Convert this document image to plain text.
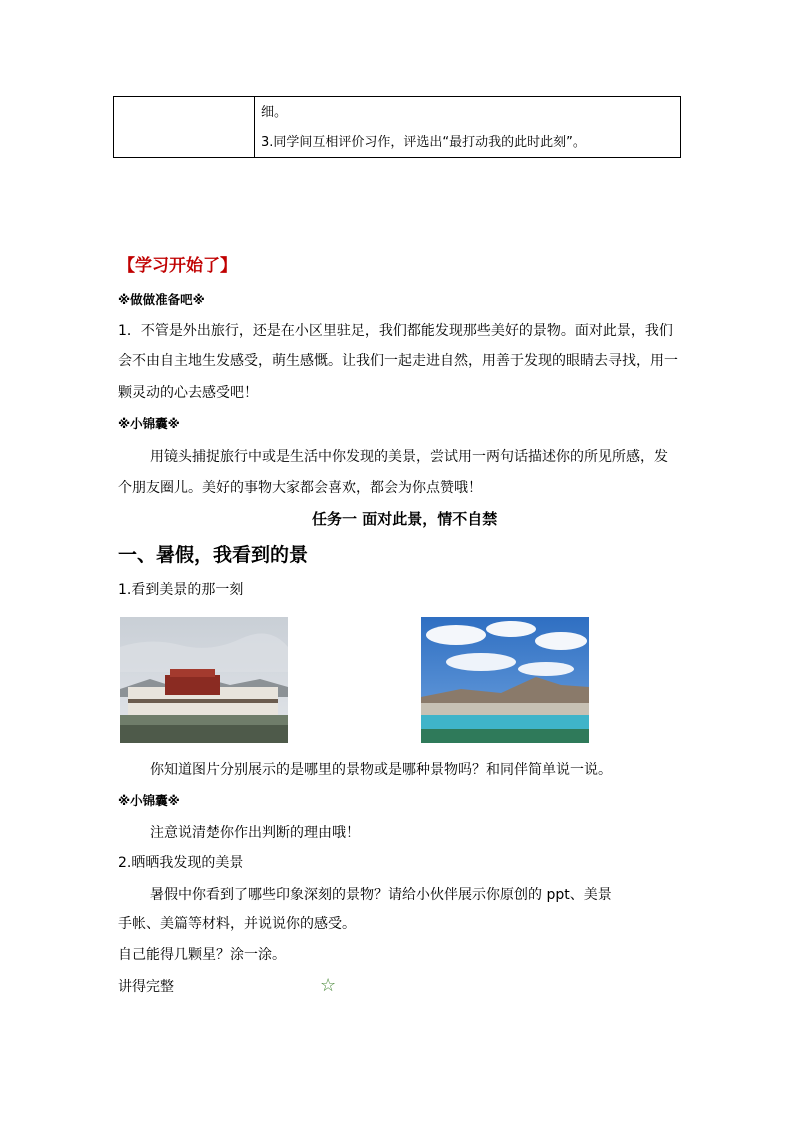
细。
3.同学间互相评价习作，评选出“最打动我的此时此刻”。
【学习开始了】
※做做准备吧※
1．不管是外出旅行，还是在小区里驻足，我们都能发现那些美好的景物。面对此景，我们
会不由自主地生发感受，萌生感慨。让我们一起走进自然，用善于发现的眼睛去寻找，用一
颗灵动的心去感受吧！
※小锦囊※
用镜头捕捉旅行中或是生活中你发现的美景，尝试用一两句话描述你的所见所感，发
个朋友圈儿。美好的事物大家都会喜欢，都会为你点赞哦！
任务一 面对此景，情不自禁
一、暑假，我看到的景
1.看到美景的那一刻
你知道图片分别展示的是哪里的景物或是哪种景物吗？和同伴简单说一说。
※小锦囊※
注意说清楚你作出判断的理由哦！
2.晒晒我发现的美景
暑假中你看到了哪些印象深刻的景物？请给小伙伴展示你原创的 ppt、美景
手帐、美篇等材料，并说说你的感受。
自己能得几颗星？涂一涂。
讲得完整	☆
